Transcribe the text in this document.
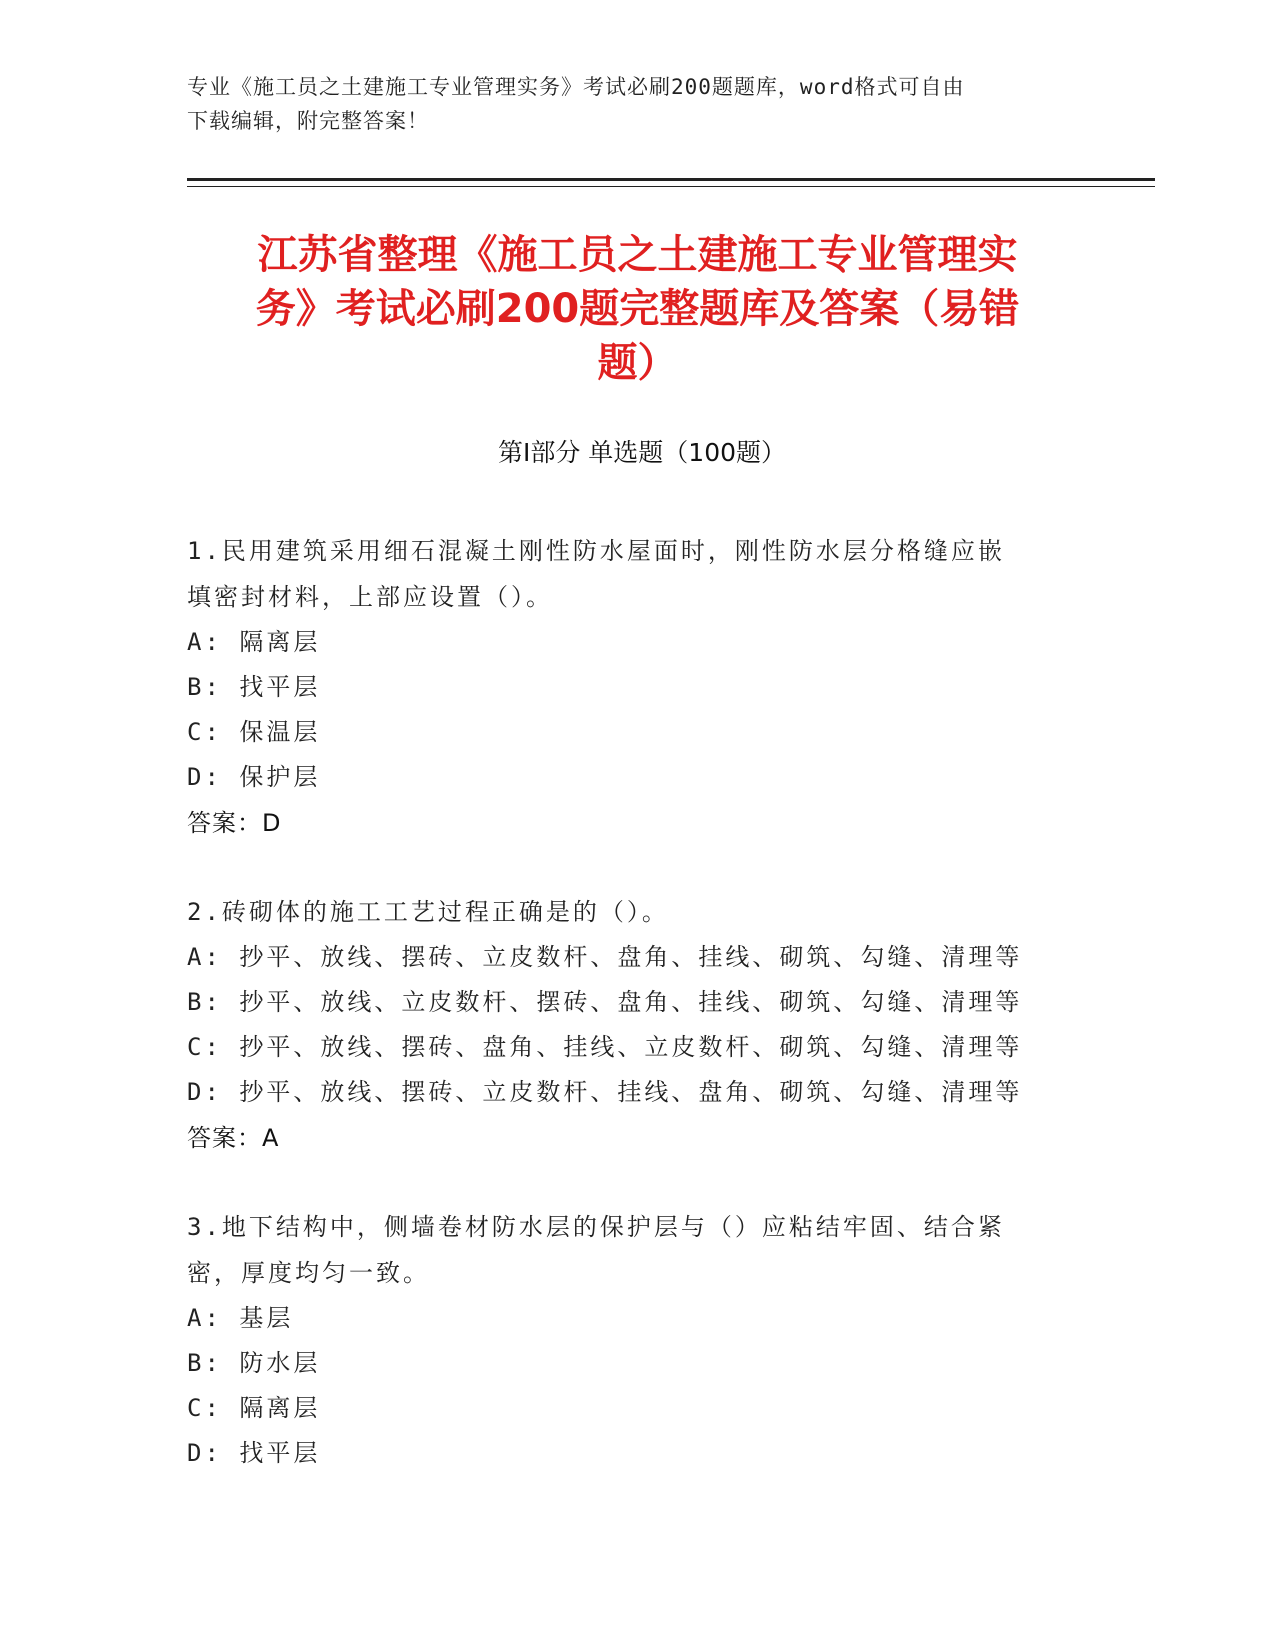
专业《施工员之土建施工专业管理实务》考试必刷200题题库，word格式可自由
下载编辑，附完整答案！
江苏省整理《施工员之土建施工专业管理实
务》考试必刷200题完整题库及答案（易错
题）
第I部分 单选题（100题）

1.民用建筑采用细石混凝土刚性防水屋面时，刚性防水层分格缝应嵌

填密封材料，上部应设置（）。

A: 隔离层

B: 找平层

C: 保温层

D: 保护层

答案：D

2.砖砌体的施工工艺过程正确是的（）。

A: 抄平、放线、摆砖、立皮数杆、盘角、挂线、砌筑、勾缝、清理等

B: 抄平、放线、立皮数杆、摆砖、盘角、挂线、砌筑、勾缝、清理等

C: 抄平、放线、摆砖、盘角、挂线、立皮数杆、砌筑、勾缝、清理等

D: 抄平、放线、摆砖、立皮数杆、挂线、盘角、砌筑、勾缝、清理等

答案：A

3.地下结构中，侧墙卷材防水层的保护层与（）应粘结牢固、结合紧

密，厚度均匀一致。

A: 基层

B: 防水层

C: 隔离层

D: 找平层
